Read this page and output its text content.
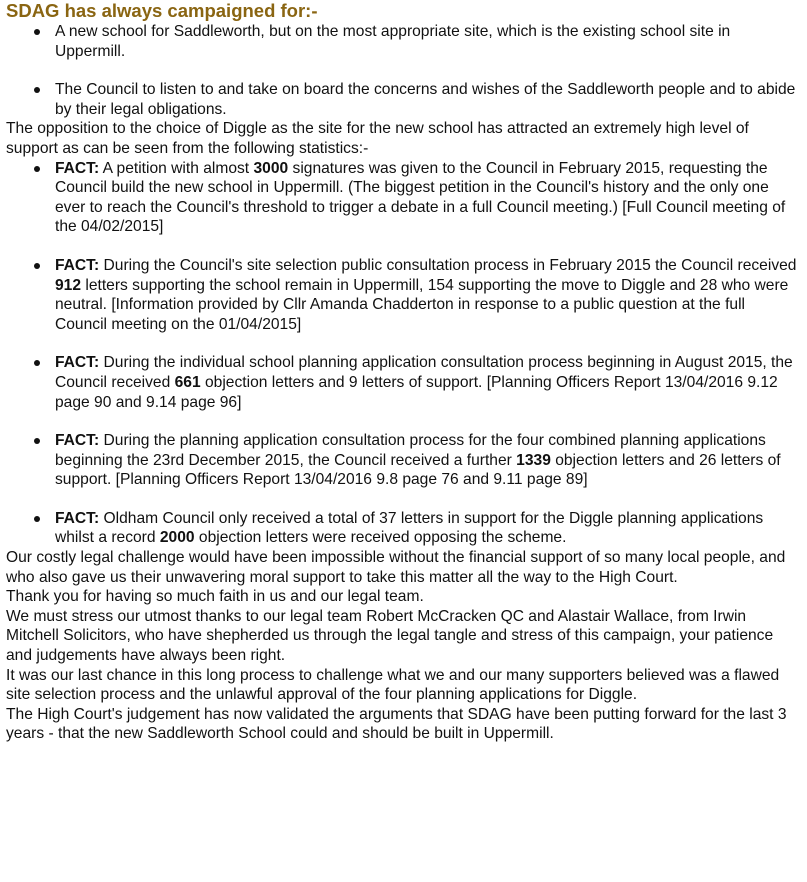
SDAG has always campaigned for:-
A new school for Saddleworth, but on the most appropriate site, which is the existing school site in Uppermill.
The Council to listen to and take on board the concerns and wishes of the Saddleworth people and to abide by their legal obligations.

The opposition to the choice of Diggle as the site for the new school has attracted an extremely high level of support as can be seen from the following statistics:-

FACT: A petition with almost 3000 signatures was given to the Council in February 2015, requesting the Council build the new school in Uppermill. (The biggest petition in the Council's history and the only one ever to reach the Council's threshold to trigger a debate in a full Council meeting.) [Full Council meeting of the 04/02/2015]
FACT: During the Council's site selection public consultation process in February 2015 the Council received 912 letters supporting the school remain in Uppermill, 154 supporting the move to Diggle and 28 who were neutral. [Information provided by Cllr Amanda Chadderton in response to a public question at the full Council meeting on the 01/04/2015]
FACT: During the individual school planning application consultation process beginning in August 2015, the Council received 661 objection letters and 9 letters of support. [Planning Officers Report 13/04/2016 9.12 page 90 and 9.14 page 96]
FACT: During the planning application consultation process for the four combined planning applications beginning the 23rd December 2015, the Council received a further 1339 objection letters and 26 letters of support. [Planning Officers Report 13/04/2016 9.8 page 76 and 9.11 page 89]
FACT: Oldham Council only received a total of 37 letters in support for the Diggle planning applications whilst a record 2000 objection letters were received opposing the scheme.

Our costly legal challenge would have been impossible without the financial support of so many local people, and who also gave us their unwavering moral support to take this matter all the way to the High Court.

Thank you for having so much faith in us and our legal team.

We must stress our utmost thanks to our legal team Robert McCracken QC and Alastair Wallace, from Irwin Mitchell Solicitors, who have shepherded us through the legal tangle and stress of this campaign, your patience and judgements have always been right.

It was our last chance in this long process to challenge what we and our many supporters believed was a flawed site selection process and the unlawful approval of the four planning applications for Diggle.

The High Court's judgement has now validated the arguments that SDAG have been putting forward for the last 3 years - that the new Saddleworth School could and should be built in Uppermill.
